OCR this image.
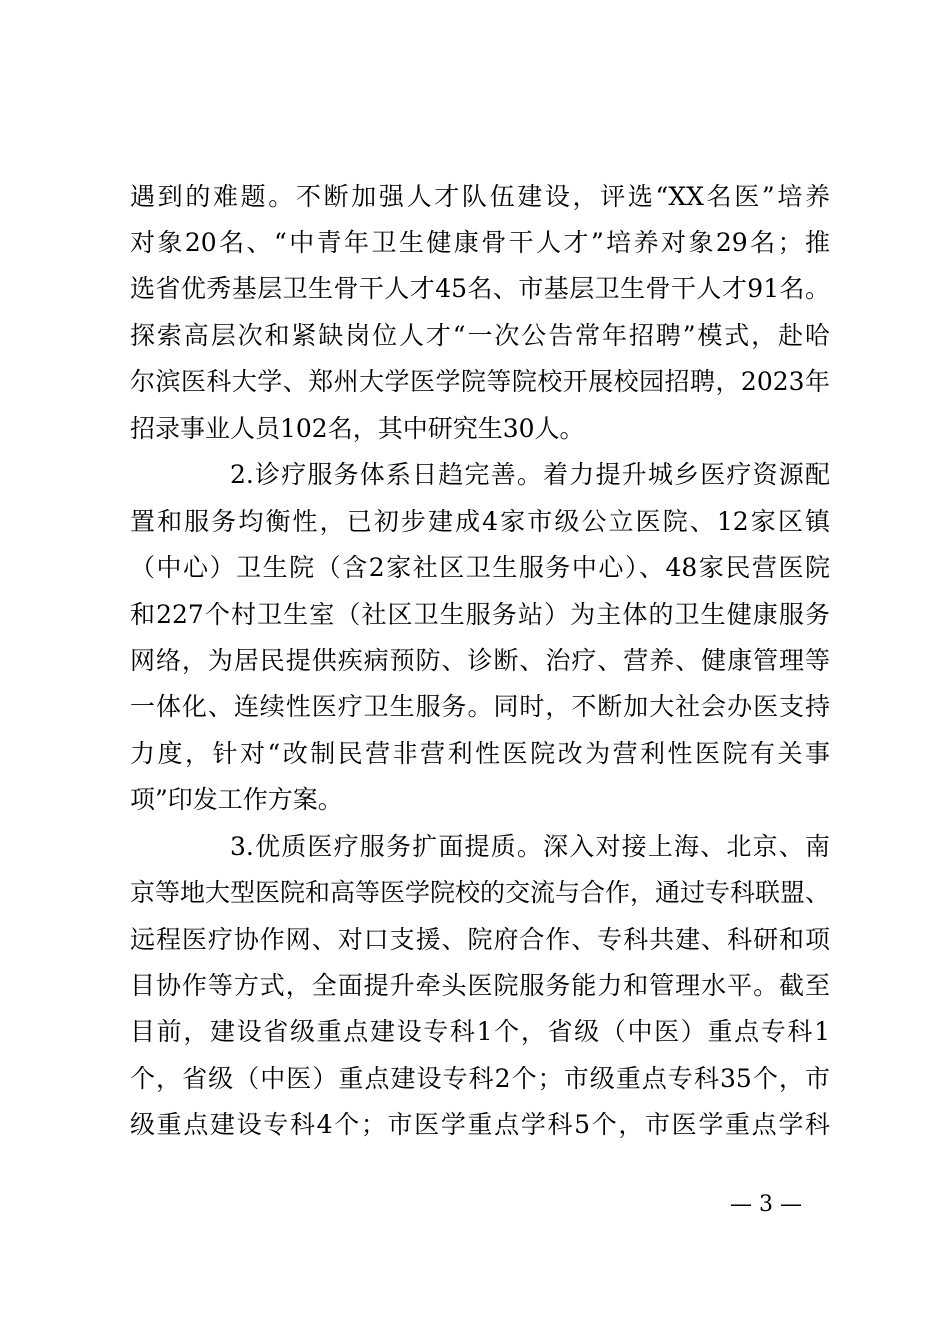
遇到的难题。不断加强人才队伍建设，评选“XX名医”培养
对象20名、“中青年卫生健康骨干人才”培养对象29名；推
选省优秀基层卫生骨干人才45名、市基层卫生骨干人才91名。
探索高层次和紧缺岗位人才“一次公告常年招聘”模式，赴哈
尔滨医科大学、郑州大学医学院等院校开展校园招聘，2023年
招录事业人员102名，其中研究生30人。
2.诊疗服务体系日趋完善。着力提升城乡医疗资源配
置和服务均衡性，已初步建成4家市级公立医院、12家区镇
（中心）卫生院（含2家社区卫生服务中心）、48家民营医院
和227个村卫生室（社区卫生服务站）为主体的卫生健康服务
网络，为居民提供疾病预防、诊断、治疗、营养、健康管理等
一体化、连续性医疗卫生服务。同时，不断加大社会办医支持
力度，针对“改制民营非营利性医院改为营利性医院有关事
项”印发工作方案。
3.优质医疗服务扩面提质。深入对接上海、北京、南
京等地大型医院和高等医学院校的交流与合作，通过专科联盟、
远程医疗协作网、对口支援、院府合作、专科共建、科研和项
目协作等方式，全面提升牵头医院服务能力和管理水平。截至
目前，建设省级重点建设专科1个，省级（中医）重点专科1
个，省级（中医）重点建设专科2个；市级重点专科35个，市
级重点建设专科4个；市医学重点学科5个，市医学重点学科
— 3 —
